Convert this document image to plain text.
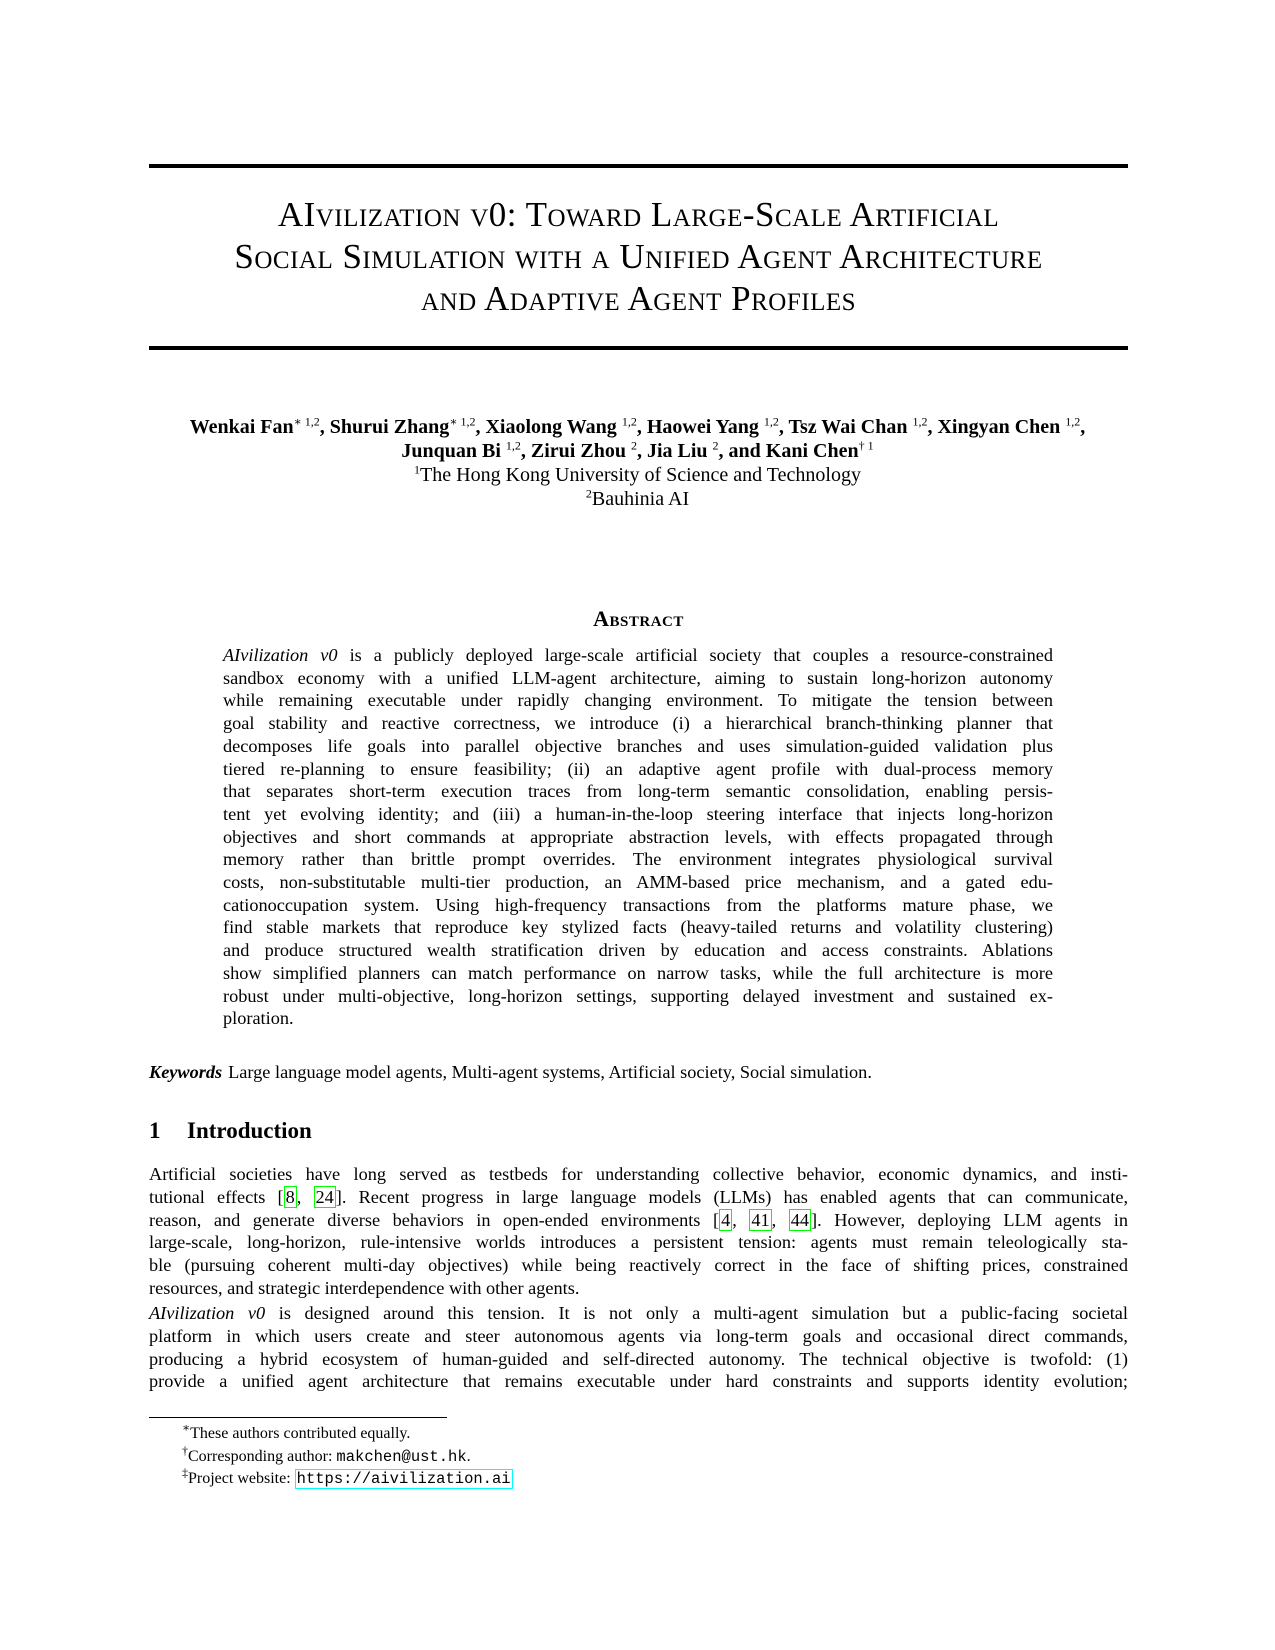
AIvilization v0: Toward Large-Scale Artificial
Social Simulation with a Unified Agent Architecture
and Adaptive Agent Profiles
Wenkai Fan$^{∗ 1,2}$, Shurui Zhang$^{∗ 1,2}$, Xiaolong Wang $^{1,2}$, Haowei Yang $^{1,2}$, Tsz Wai Chan $^{1,2}$, Xingyan Chen $^{1,2}$,
Junquan Bi $^{1,2}$, Zirui Zhou $^2$, Jia Liu $^2$, and Kani Chen$^{\dagger 1}$
$^1$The Hong Kong University of Science and Technology
$^2$Bauhinia AI
Abstract
AIvilization v0 is a publicly deployed large-scale artificial society that couples a resource-constrained
sandbox economy with a unified LLM-agent architecture, aiming to sustain long-horizon autonomy
while remaining executable under rapidly changing environment. To mitigate the tension between
goal stability and reactive correctness, we introduce (i) a hierarchical branch-thinking planner that
decomposes life goals into parallel objective branches and uses simulation-guided validation plus
tiered re-planning to ensure feasibility; (ii) an adaptive agent profile with dual-process memory
that separates short-term execution traces from long-term semantic consolidation, enabling persis-
tent yet evolving identity; and (iii) a human-in-the-loop steering interface that injects long-horizon
objectives and short commands at appropriate abstraction levels, with effects propagated through
memory rather than brittle prompt overrides. The environment integrates physiological survival
costs, non-substitutable multi-tier production, an AMM-based price mechanism, and a gated edu-
cationoccupation system. Using high-frequency transactions from the platforms mature phase, we
find stable markets that reproduce key stylized facts (heavy-tailed returns and volatility clustering)
and produce structured wealth stratification driven by education and access constraints. Ablations
show simplified planners can match performance on narrow tasks, while the full architecture is more
robust under multi-objective, long-horizon settings, supporting delayed investment and sustained ex-
ploration.
Keywords Large language model agents, Multi-agent systems, Artificial society, Social simulation.
1 Introduction
Artificial societies have long served as testbeds for understanding collective behavior, economic dynamics, and insti-
tutional effects [ 8 , 24 ]. Recent progress in large language models (LLMs) has enabled agents that can communicate,
reason, and generate diverse behaviors in open-ended environments [ 4 , 41 , 44 ]. However, deploying LLM agents in
large-scale, long-horizon, rule-intensive worlds introduces a persistent tension: agents must remain teleologically sta-
ble (pursuing coherent multi-day objectives) while being reactively correct in the face of shifting prices, constrained
resources, and strategic interdependence with other agents.
AIvilization v0 is designed around this tension. It is not only a multi-agent simulation but a public-facing societal
platform in which users create and steer autonomous agents via long-term goals and occasional direct commands,
producing a hybrid ecosystem of human-guided and self-directed autonomy. The technical objective is twofold: (1)
provide a unified agent architecture that remains executable under hard constraints and supports identity evolution;
∗These authors contributed equally.
†Corresponding author: makchen@ust.hk.
‡Project website: https://aivilization.ai
